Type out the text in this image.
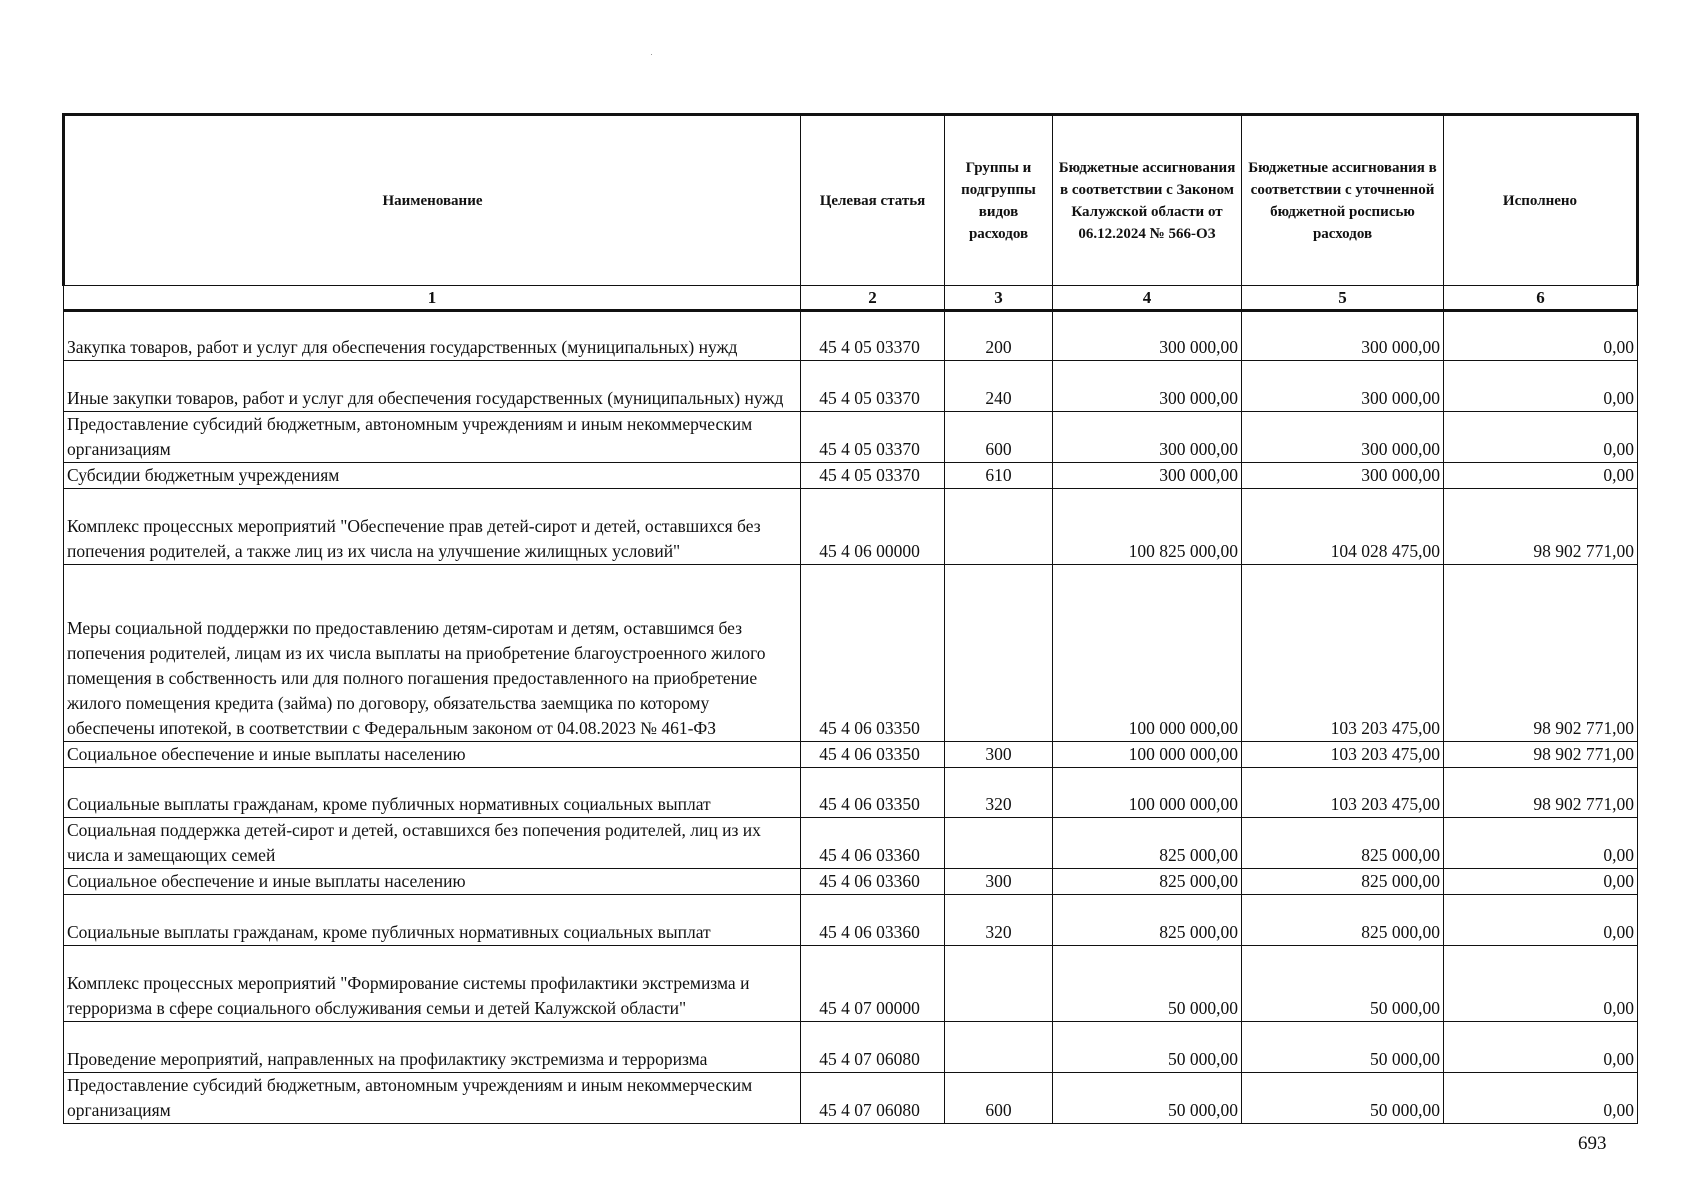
Наименование	Целевая статья	Группы и подгруппы видов расходов	Бюджетные ассигнования в соответствии с Законом Калужской области от 06.12.2024 № 566-ОЗ	Бюджетные ассигнования в соответствии с уточненной бюджетной росписью расходов	Исполнено
1	2	3	4	5	6
Закупка товаров, работ и услуг для обеспечения государственных (муниципальных) нужд	45 4 05 03370	200	300 000,00	300 000,00	0,00
Иные закупки товаров, работ и услуг для обеспечения государственных (муниципальных) нужд	45 4 05 03370	240	300 000,00	300 000,00	0,00
Предоставление субсидий бюджетным, автономным учреждениям и иным некоммерческим организациям	45 4 05 03370	600	300 000,00	300 000,00	0,00
Субсидии бюджетным учреждениям	45 4 05 03370	610	300 000,00	300 000,00	0,00
Комплекс процессных мероприятий "Обеспечение прав детей-сирот и детей, оставшихся без попечения родителей, а также лиц из их числа на улучшение жилищных условий"	45 4 06 00000		100 825 000,00	104 028 475,00	98 902 771,00
Меры социальной поддержки по предоставлению детям-сиротам и детям, оставшимся без попечения родителей, лицам из их числа выплаты на приобретение благоустроенного жилого помещения в собственность или для полного погашения предоставленного на приобретение жилого помещения кредита (займа) по договору, обязательства заемщика по которому обеспечены ипотекой, в соответствии с Федеральным законом от 04.08.2023 № 461-ФЗ	45 4 06 03350		100 000 000,00	103 203 475,00	98 902 771,00
Социальное обеспечение и иные выплаты населению	45 4 06 03350	300	100 000 000,00	103 203 475,00	98 902 771,00
Социальные выплаты гражданам, кроме публичных нормативных социальных выплат	45 4 06 03350	320	100 000 000,00	103 203 475,00	98 902 771,00
Социальная поддержка детей-сирот и детей, оставшихся без попечения родителей, лиц из их числа и замещающих семей	45 4 06 03360		825 000,00	825 000,00	0,00
Социальное обеспечение и иные выплаты населению	45 4 06 03360	300	825 000,00	825 000,00	0,00
Социальные выплаты гражданам, кроме публичных нормативных социальных выплат	45 4 06 03360	320	825 000,00	825 000,00	0,00
Комплекс процессных мероприятий "Формирование системы профилактики экстремизма и терроризма в сфере социального обслуживания семьи и детей Калужской области"	45 4 07 00000		50 000,00	50 000,00	0,00
Проведение мероприятий, направленных на профилактику экстремизма и терроризма	45 4 07 06080		50 000,00	50 000,00	0,00
Предоставление субсидий бюджетным, автономным учреждениям и иным некоммерческим организациям	45 4 07 06080	600	50 000,00	50 000,00	0,00
693
